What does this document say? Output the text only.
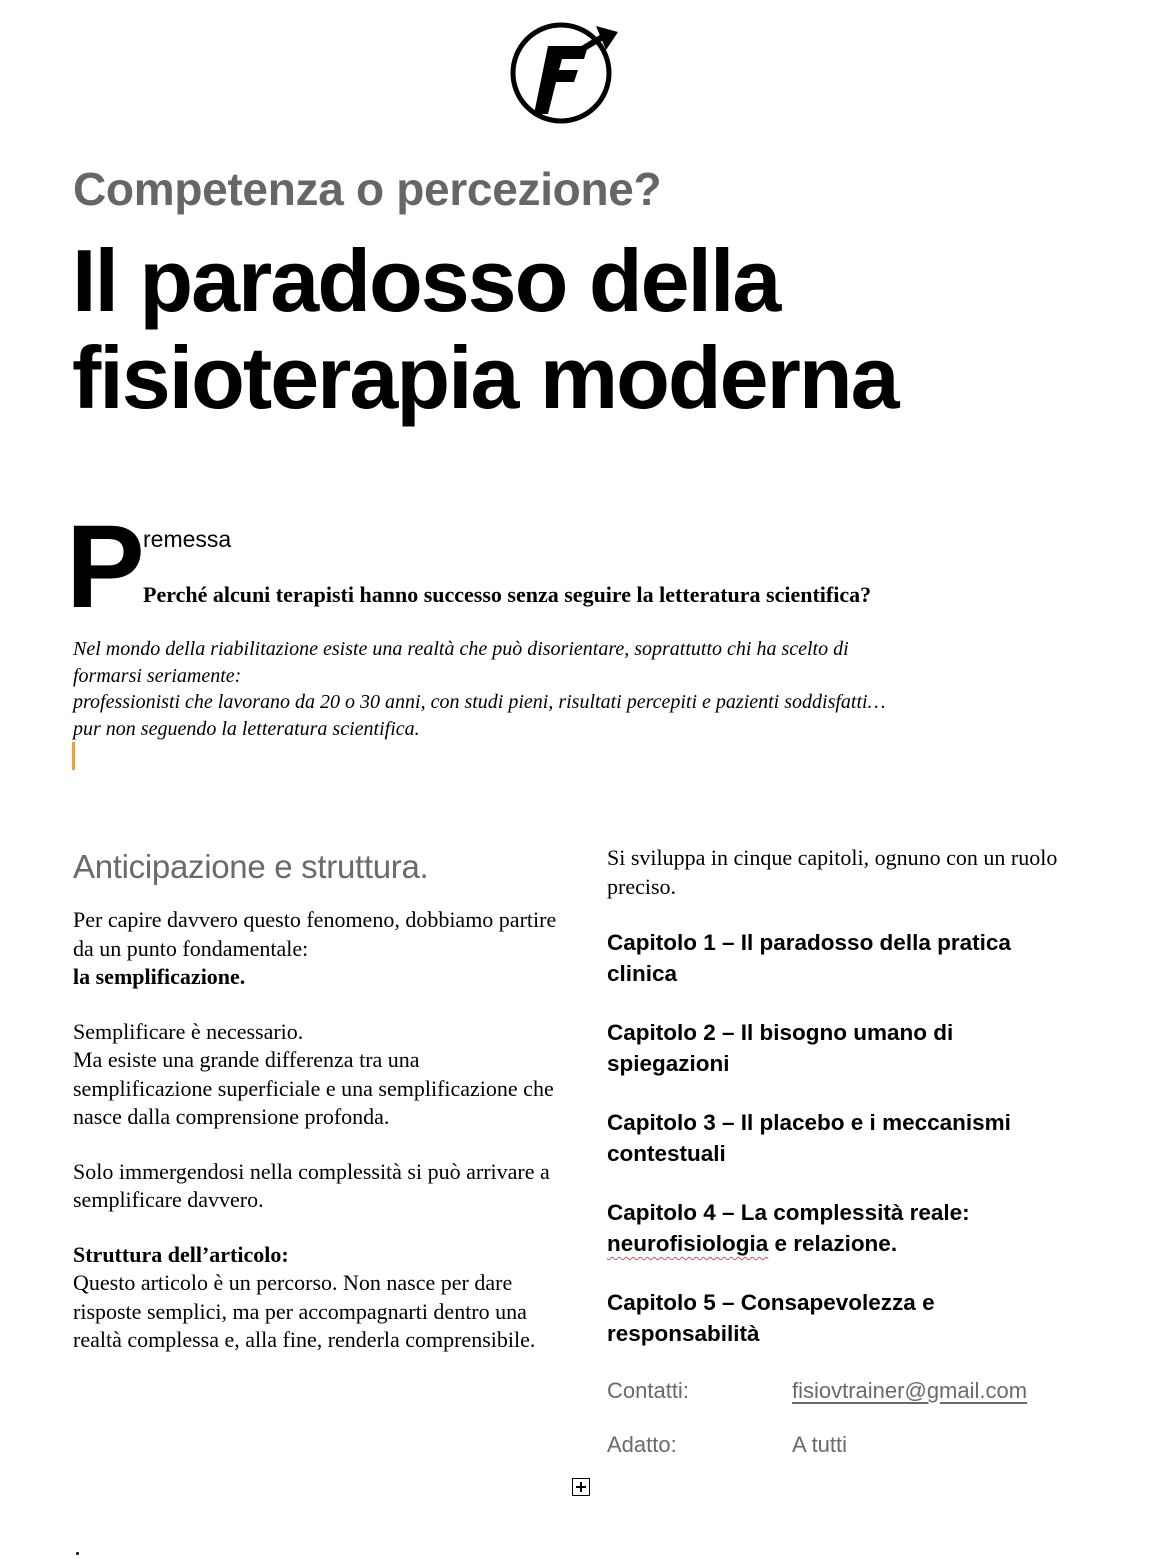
Competenza o percezione?
Il paradosso della
fisioterapia moderna
P
remessa

Perché alcuni terapisti hanno successo senza seguire la letteratura scientifica?

Nel mondo della riabilitazione esiste una realtà che può disorientare, soprattutto chi ha scelto di
formarsi seriamente:
professionisti che lavorano da 20 o 30 anni, con studi pieni, risultati percepiti e pazienti soddisfatti…
pur non seguendo la letteratura scientifica.

Anticipazione e struttura.

Per capire davvero questo fenomeno, dobbiamo partire da un punto fondamentale:
la semplificazione.

Semplificare è necessario.
Ma esiste una grande differenza tra una semplificazione superficiale e una semplificazione che nasce dalla comprensione profonda.

Solo immergendosi nella complessità si può arrivare a semplificare davvero.

Struttura dell’articolo:
Questo articolo è un percorso. Non nasce per dare risposte semplici, ma per accompagnarti dentro una realtà complessa e, alla fine, renderla comprensibile.

Si sviluppa in cinque capitoli, ognuno con un ruolo preciso.

Capitolo 1 – Il paradosso della pratica clinica

Capitolo 2 – Il bisogno umano di spiegazioni

Capitolo 3 – Il placebo e i meccanismi contestuali

Capitolo 4 – La complessità reale:
neurofisiologia e relazione.

Capitolo 5 – Consapevolezza e responsabilità

Contatti:	fisiovtrainer@gmail.com
Adatto:	A tutti
